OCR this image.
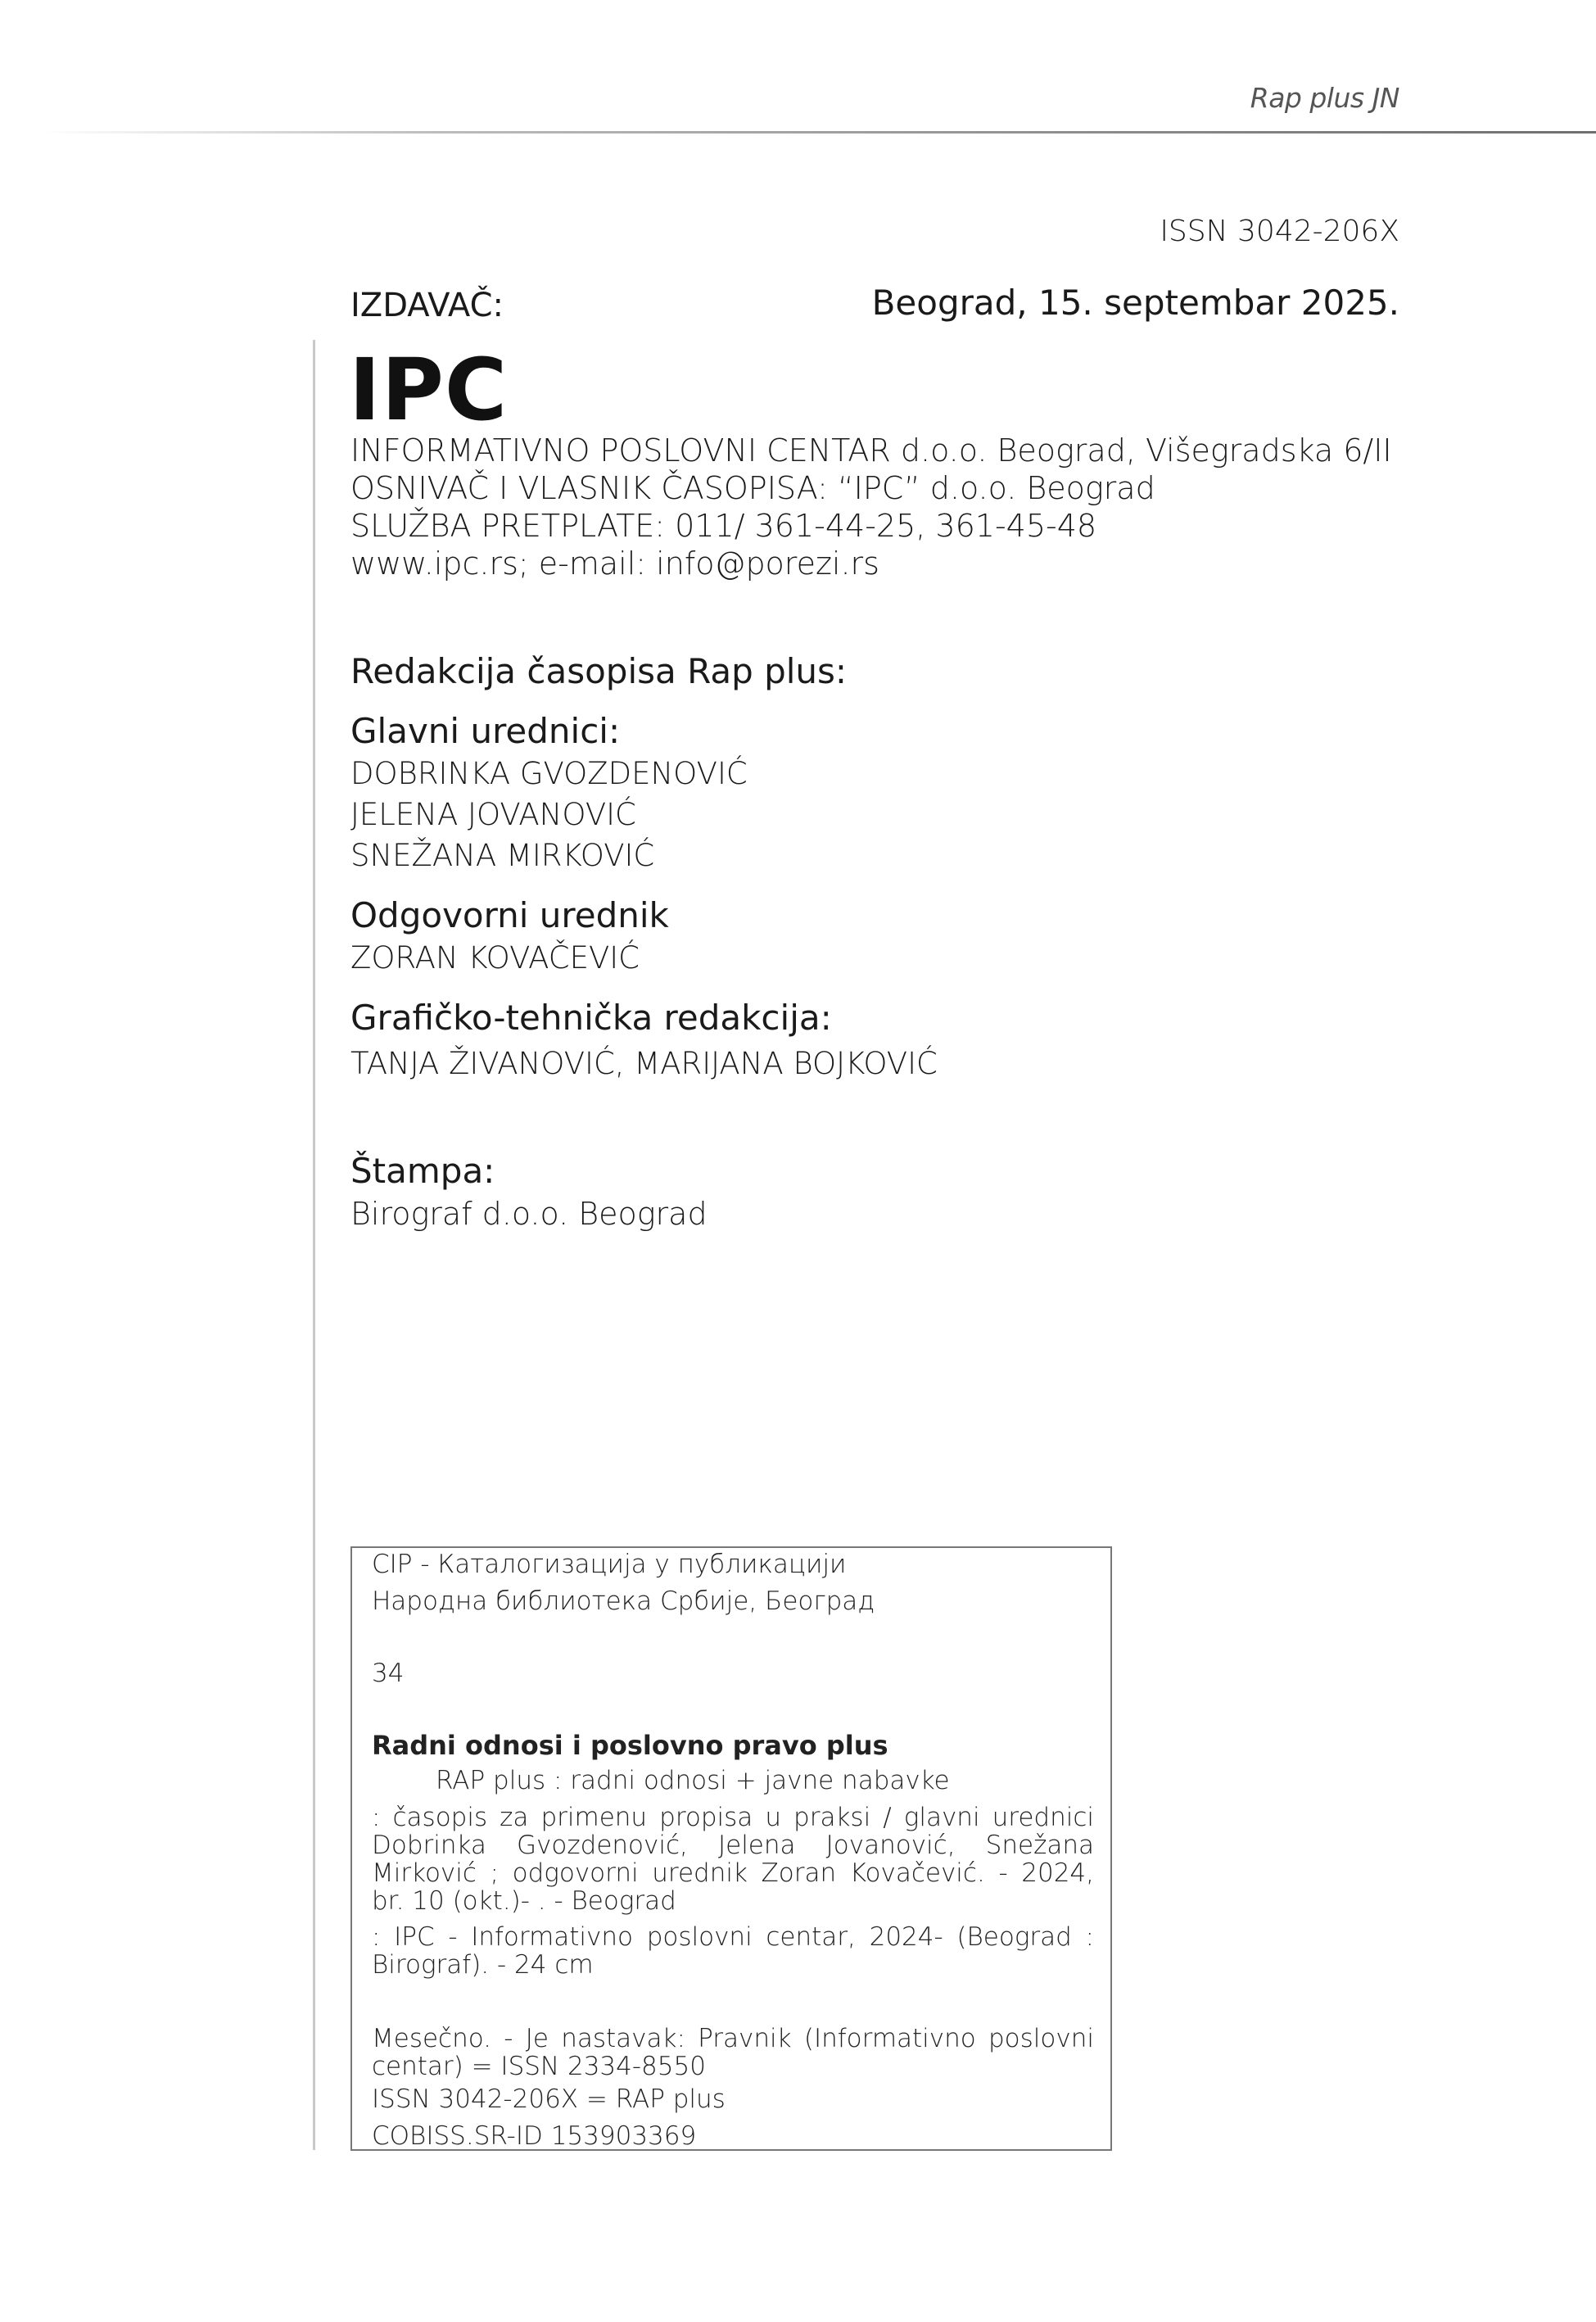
Rap plus JN
ISSN 3042-206X
IZDAVAČ:	Beograd, 15. septembar 2025.
IPC
INFORMATIVNO POSLOVNI CENTAR d.o.o. Beograd, Višegradska 6/II
OSNIVAČ I VLASNIK ČASOPISA: “IPC” d.o.o. Beograd
SLUŽBA PRETPLATE: 011/ 361-44-25, 361-45-48
www.ipc.rs; e-mail: info@porezi.rs
Redakcija časopisa Rap plus:
Glavni urednici:
DOBRINKA GVOZDENOVIĆ
JELENA JOVANOVIĆ
SNEŽANA MIRKOVIĆ
Odgovorni urednik
ZORAN KOVAČEVIĆ
Grafičko-tehnička redakcija:
TANJA ŽIVANOVIĆ, MARIJANA BOJKOVIĆ
Štampa:
Birograf d.o.o. Beograd
CIP - Каталогизација у публикацији
Народна библиотека Србије, Београд
34
Radni odnosi i poslovno pravo plus
RAP plus : radni odnosi + javne nabavke
: časopis za primenu propisa u praksi / glavni urednici Dobrinka Gvozdenović, Jelena Jovanović, Snežana Mirković ; odgovorni urednik Zoran Kovačević. - 2024, br. 10 (okt.)- . - Beograd
: IPC - Informativno poslovni centar, 2024- (Beograd : Birograf). - 24 cm
Mesečno. - Je nastavak: Pravnik (Informativno poslovni centar) = ISSN 2334-8550
ISSN 3042-206X = RAP plus
COBISS.SR-ID 153903369
